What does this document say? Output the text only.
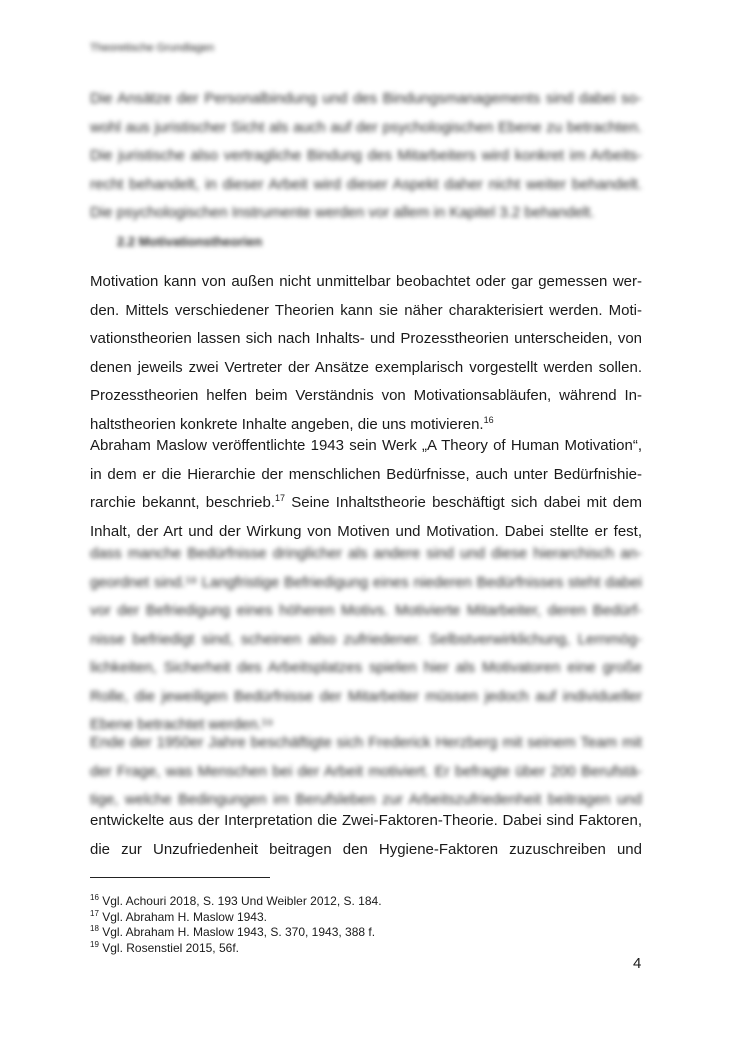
Theoretische Grundlagen
Die Ansätze der Personalbindung und des Bindungsmanagements sind dabei so-
wohl aus juristischer Sicht als auch auf der psychologischen Ebene zu betrachten.
Die juristische also vertragliche Bindung des Mitarbeiters wird konkret im Arbeits-
recht behandelt, in dieser Arbeit wird dieser Aspekt daher nicht weiter behandelt.
Die psychologischen Instrumente werden vor allem in Kapitel 3.2 behandelt.
2.2 Motivationstheorien
Motivation kann von außen nicht unmittelbar beobachtet oder gar gemessen wer-
den. Mittels verschiedener Theorien kann sie näher charakterisiert werden. Moti-
vationstheorien lassen sich nach Inhalts- und Prozesstheorien unterscheiden, von
denen jeweils zwei Vertreter der Ansätze exemplarisch vorgestellt werden sollen.
Prozesstheorien helfen beim Verständnis von Motivationsabläufen, während In-
haltstheorien konkrete Inhalte angeben, die uns motivieren.$^{16}$
Abraham Maslow veröffentlichte 1943 sein Werk „A Theory of Human Motivation“,
in dem er die Hierarchie der menschlichen Bedürfnisse, auch unter Bedürfnishie-
rarchie bekannt, beschrieb.$^{17}$ Seine Inhaltstheorie beschäftigt sich dabei mit dem
Inhalt, der Art und der Wirkung von Motiven und Motivation. Dabei stellte er fest,
dass manche Bedürfnisse dringlicher als andere sind und diese hierarchisch an-
geordnet sind.¹⁸ Langfristige Befriedigung eines niederen Bedürfnisses steht dabei
vor der Befriedigung eines höheren Motivs. Motivierte Mitarbeiter, deren Bedürf-
nisse befriedigt sind, scheinen also zufriedener. Selbstverwirklichung, Lernmög-
lichkeiten, Sicherheit des Arbeitsplatzes spielen hier als Motivatoren eine große
Rolle, die jeweiligen Bedürfnisse der Mitarbeiter müssen jedoch auf individueller
Ebene betrachtet werden.¹⁹
Ende der 1950er Jahre beschäftigte sich Frederick Herzberg mit seinem Team mit
der Frage, was Menschen bei der Arbeit motiviert. Er befragte über 200 Berufstä-
tige, welche Bedingungen im Berufsleben zur Arbeitszufriedenheit beitragen und
entwickelte aus der Interpretation die Zwei-Faktoren-Theorie. Dabei sind Faktoren,
die zur Unzufriedenheit beitragen den Hygiene-Faktoren zuzuschreiben und
$^{16}$ Vgl. Achouri 2018, S. 193 Und Weibler 2012, S. 184.
$^{17}$ Vgl. Abraham H. Maslow 1943.
$^{18}$ Vgl. Abraham H. Maslow 1943, S. 370, 1943, 388 f.
$^{19}$ Vgl. Rosenstiel 2015, 56f.
4
